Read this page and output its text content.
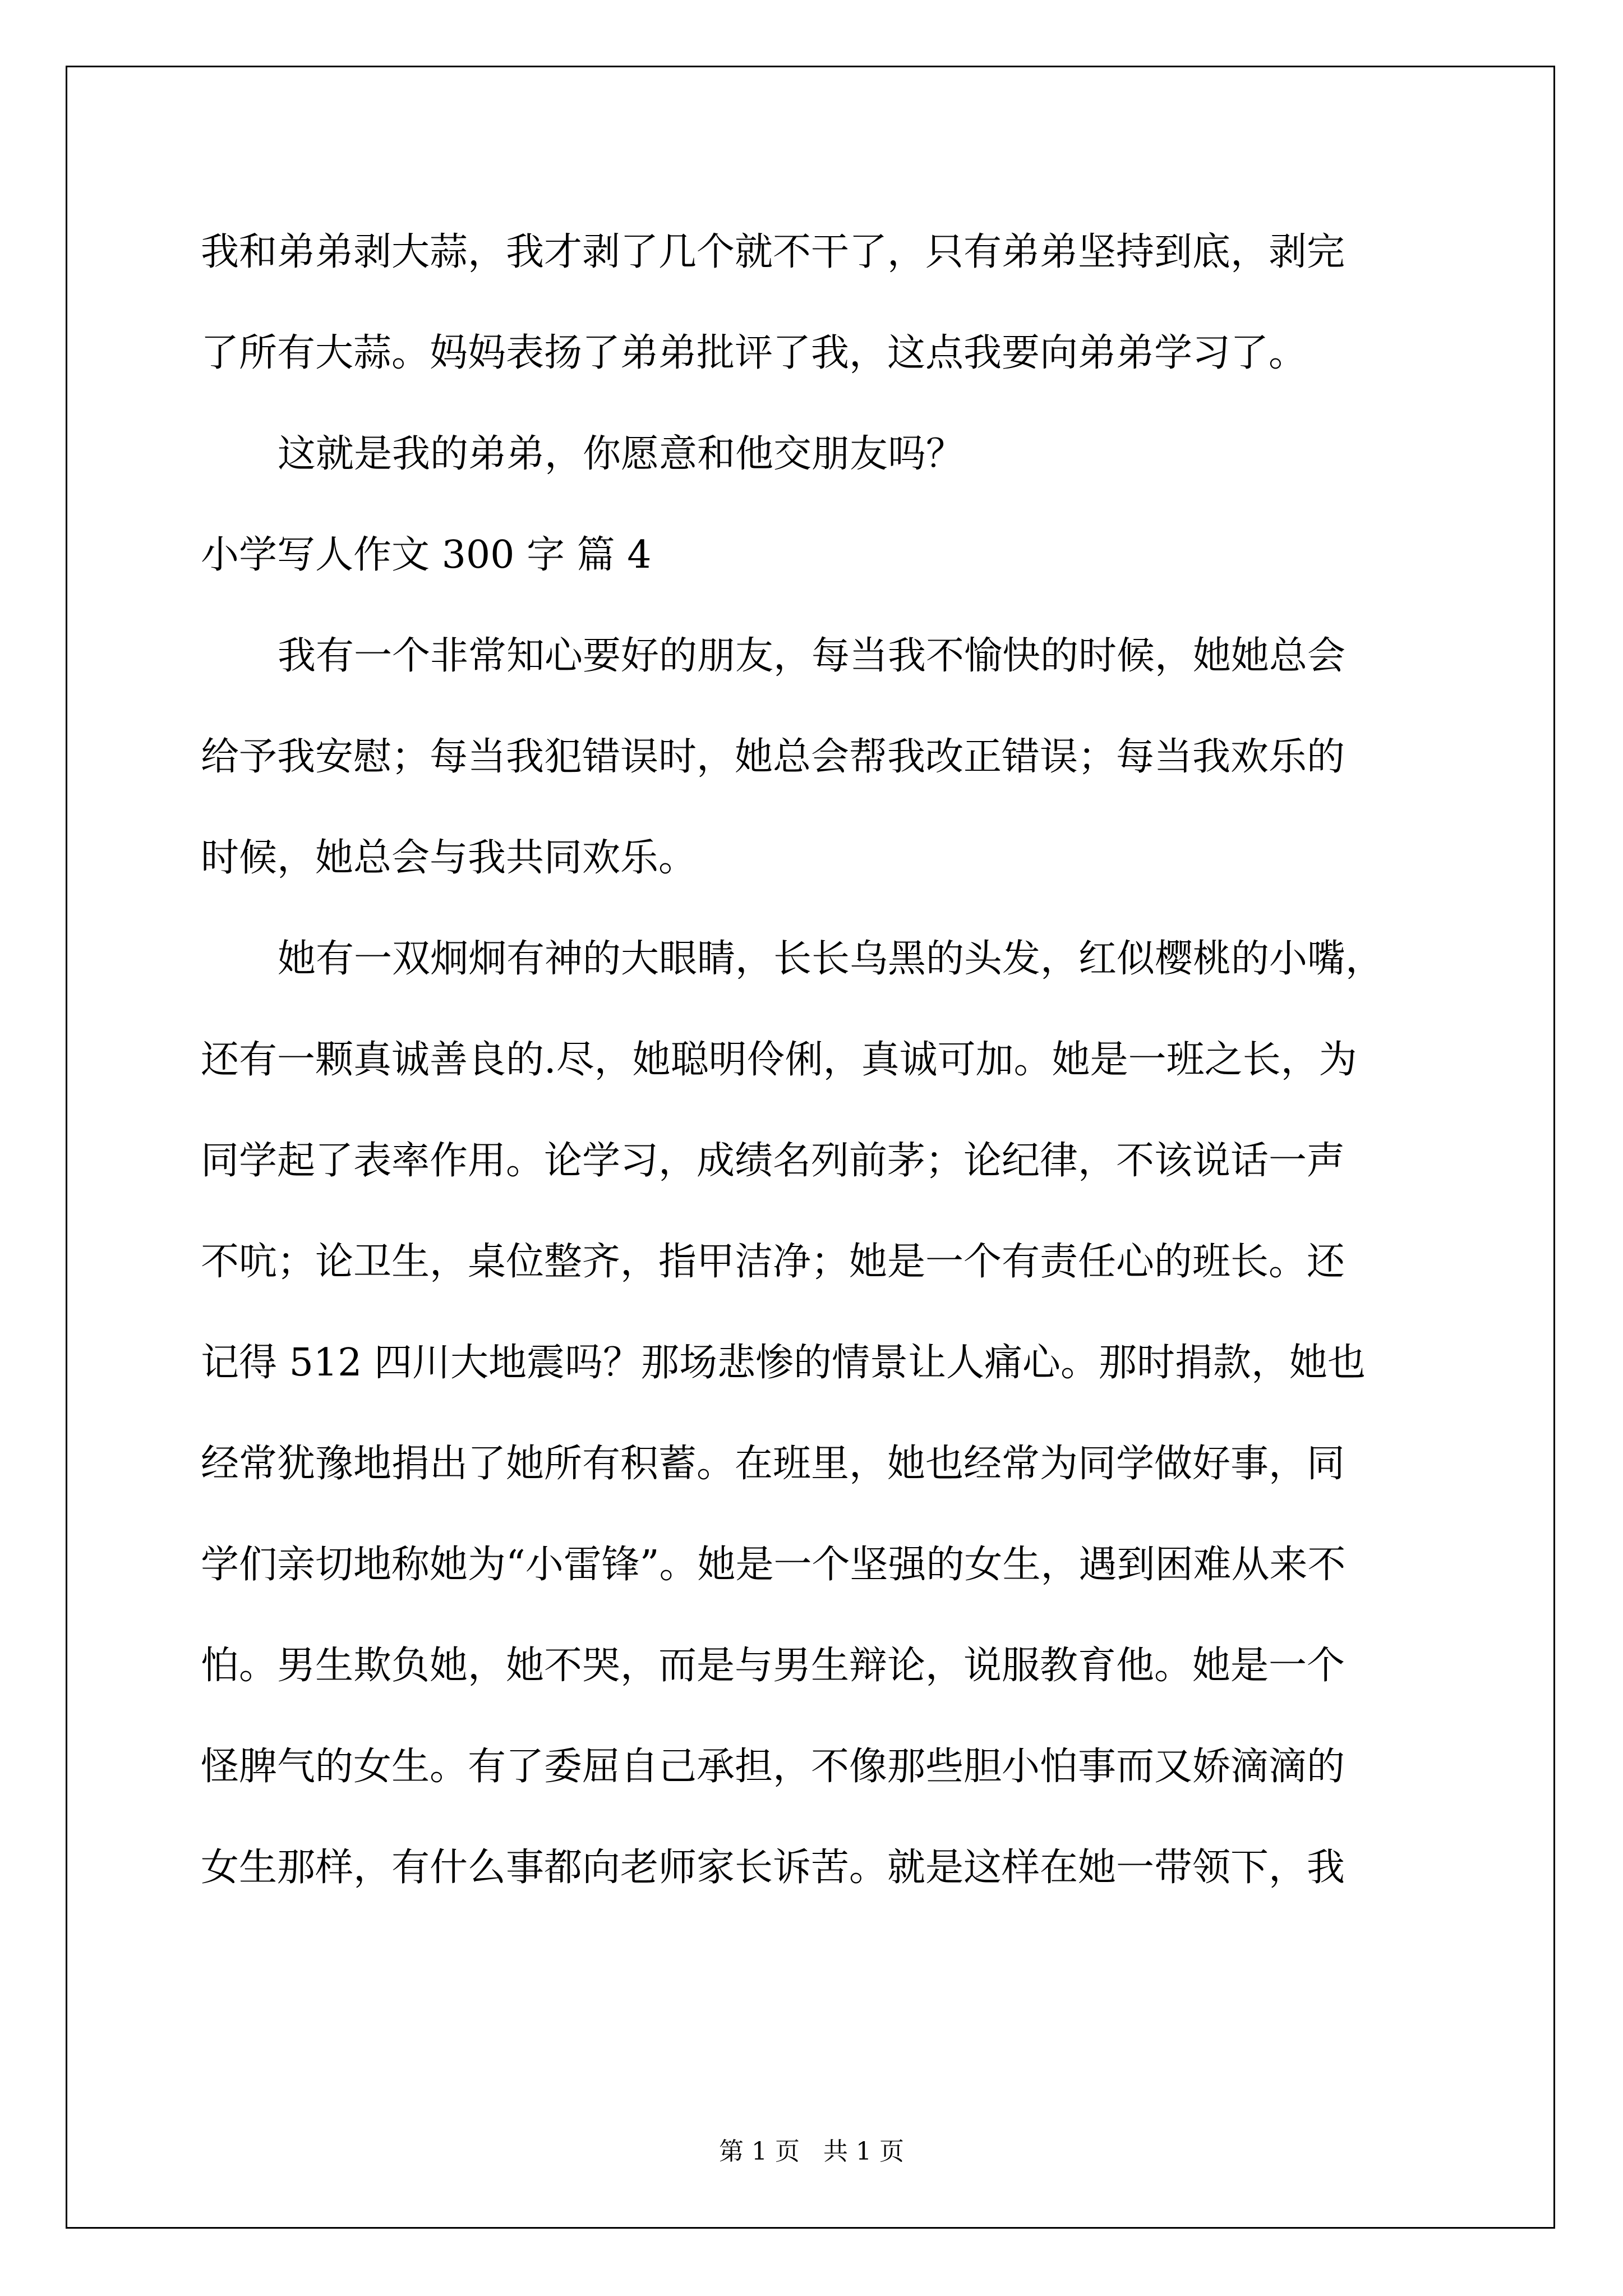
我和弟弟剥大蒜，我才剥了几个就不干了，只有弟弟坚持到底，剥完
了所有大蒜。妈妈表扬了弟弟批评了我，这点我要向弟弟学习了。
这就是我的弟弟，你愿意和他交朋友吗？
小学写人作文 300 字 篇 4
我有一个非常知心要好的朋友，每当我不愉快的时候，她她总会
给予我安慰；每当我犯错误时，她总会帮我改正错误；每当我欢乐的
时候，她总会与我共同欢乐。
她有一双炯炯有神的大眼睛，长长乌黑的头发，红似樱桃的小嘴，
还有一颗真诚善良的.尽，她聪明伶俐，真诚可加。她是一班之长，为
同学起了表率作用。论学习，成绩名列前茅；论纪律，不该说话一声
不吭；论卫生，桌位整齐，指甲洁净；她是一个有责任心的班长。还
记得 512 四川大地震吗？那场悲惨的情景让人痛心。那时捐款，她也
经常犹豫地捐出了她所有积蓄。在班里，她也经常为同学做好事，同
学们亲切地称她为“小雷锋”。她是一个坚强的女生，遇到困难从来不
怕。男生欺负她，她不哭，而是与男生辩论，说服教育他。她是一个
怪脾气的女生。有了委屈自己承担，不像那些胆小怕事而又娇滴滴的
女生那样，有什么事都向老师家长诉苦。就是这样在她一带领下，我
第 1 页   共 1 页
